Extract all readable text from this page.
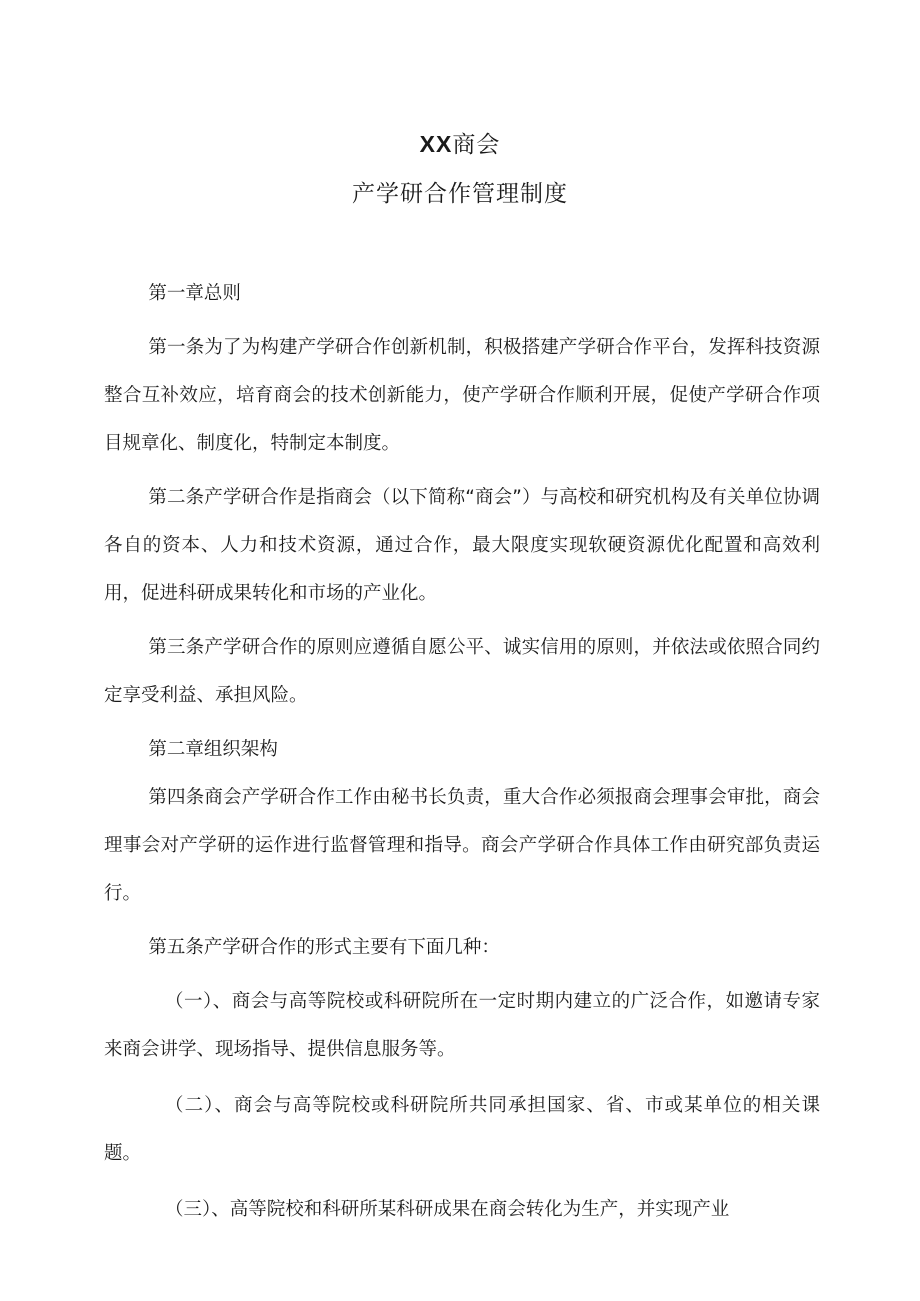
XX商会
产学研合作管理制度

第一章总则

第一条为了为构建产学研合作创新机制，积极搭建产学研合作平台，发挥科技资源整合互补效应，培育商会的技术创新能力，使产学研合作顺利开展，促使产学研合作项目规章化、制度化，特制定本制度。

第二条产学研合作是指商会（以下简称“商会”）与高校和研究机构及有关单位协调各自的资本、人力和技术资源，通过合作，最大限度实现软硬资源优化配置和高效利用，促进科研成果转化和市场的产业化。

第三条产学研合作的原则应遵循自愿公平、诚实信用的原则，并依法或依照合同约定享受利益、承担风险。

第二章组织架构

第四条商会产学研合作工作由秘书长负责，重大合作必须报商会理事会审批，商会理事会对产学研的运作进行监督管理和指导。商会产学研合作具体工作由研究部负责运行。

第五条产学研合作的形式主要有下面几种：

（一）、商会与高等院校或科研院所在一定时期内建立的广泛合作，如邀请专家来商会讲学、现场指导、提供信息服务等。

（二）、商会与高等院校或科研院所共同承担国家、省、市或某单位的相关课题。

（三）、高等院校和科研所某科研成果在商会转化为生产，并实现产业
